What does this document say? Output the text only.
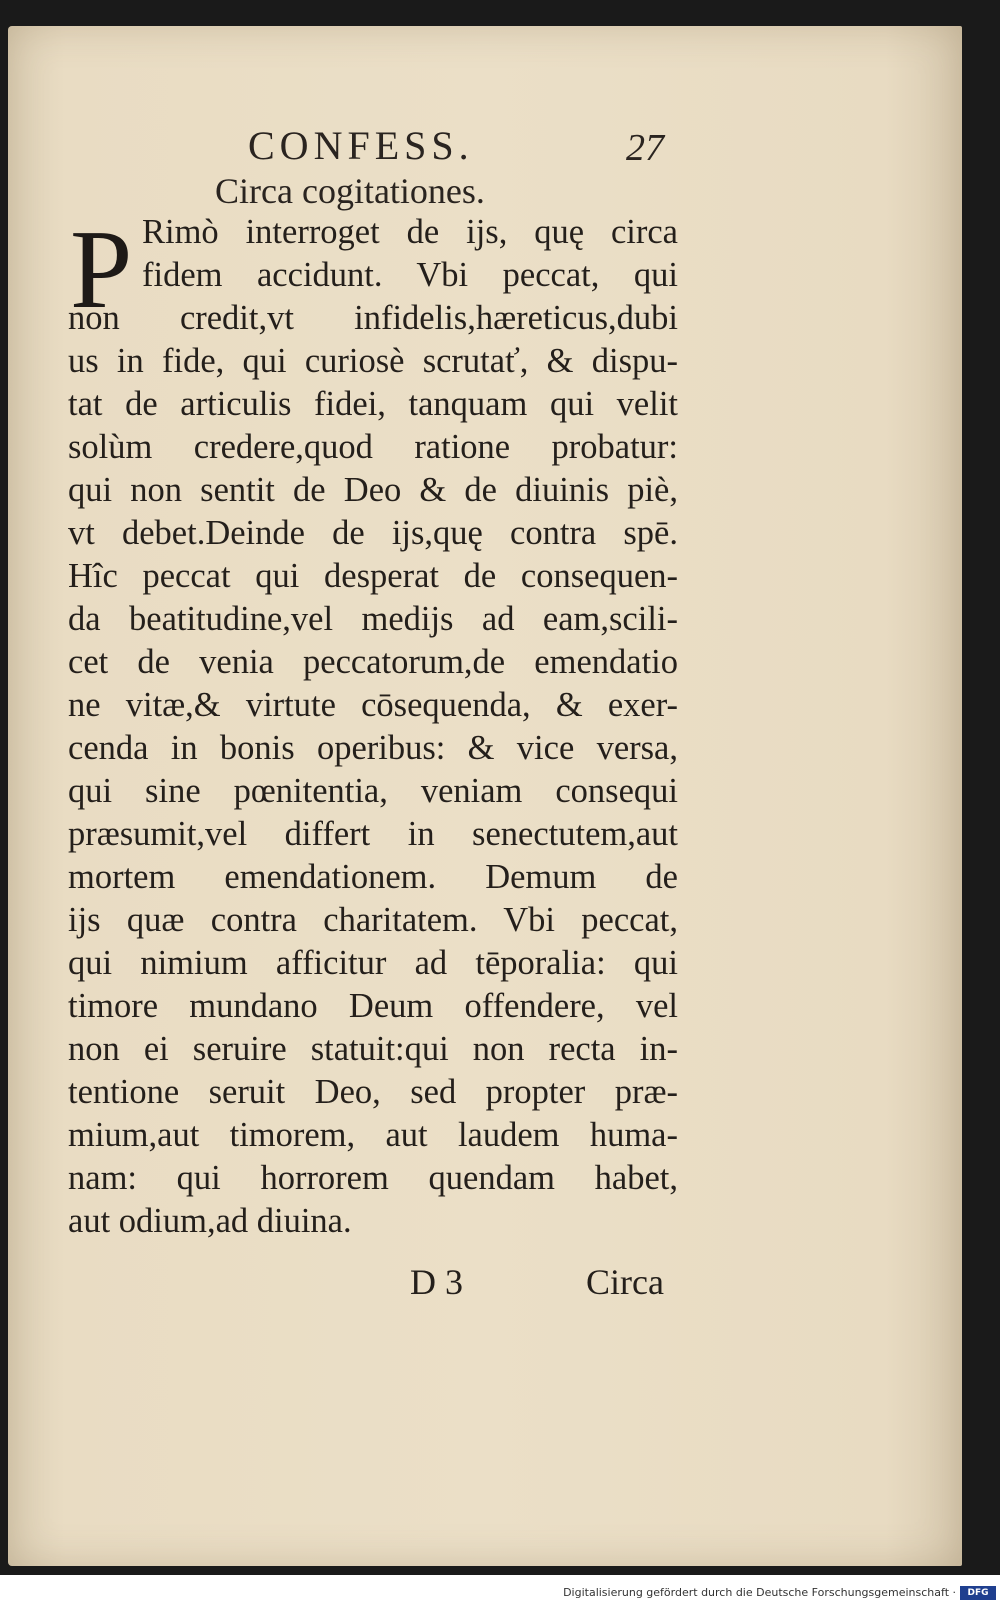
CONFESS.	27
Circa cogitationes.
P Rimò interroget de ijs, quę circa
fidem accidunt. Vbi peccat, qui
non credit,vt infidelis,hæreticus,dubi
us in fide, qui curiosè scrutať, & dispu-
tat de articulis fidei, tanquam qui velit
solùm credere,quod ratione probatur:
qui non sentit de Deo & de diuinis piè,
vt debet.Deinde de ijs,quę contra spē.
Hîc peccat qui desperat de consequen-
da beatitudine,vel medijs ad eam,scili-
cet de venia peccatorum,de emendatio
ne vitæ,& virtute cōsequenda, & exer-
cenda in bonis operibus: & vice versa,
qui sine pœnitentia, veniam consequi
præsumit,vel differt in senectutem,aut
mortem emendationem. Demum de
ijs quæ contra charitatem. Vbi peccat,
qui nimium afficitur ad tēporalia: qui
timore mundano Deum offendere, vel
non ei seruire statuit:qui non recta in-
tentione seruit Deo, sed propter præ-
mium,aut timorem, aut laudem huma-
nam: qui horrorem quendam habet,
aut odium,ad diuina.
D 3	Circa
Digitalisierung gefördert durch die Deutsche Forschungsgemeinschaft ·	DFG
